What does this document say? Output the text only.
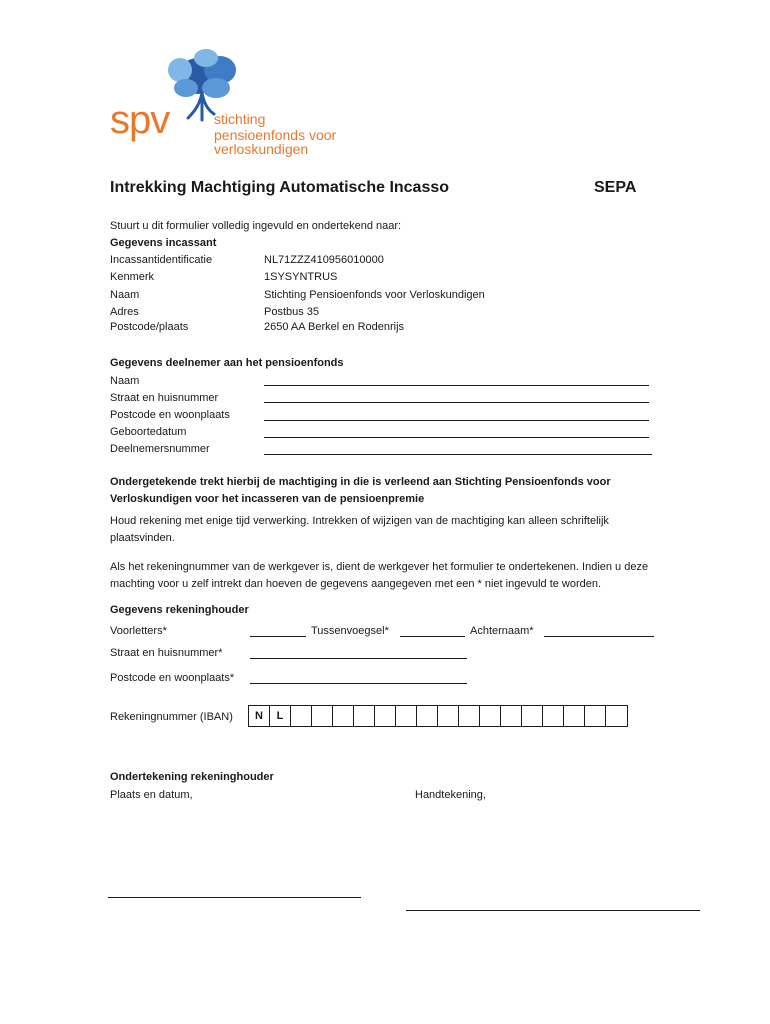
spv	stichting
pensioenfonds voor verloskundigen
Intrekking Machtiging Automatische Incasso	SEPA
Stuurt u dit formulier volledig ingevuld en ondertekend naar:
Gegevens incassant
Incassantidentificatie	NL71ZZZ410956010000
Kenmerk	1SYSYNTRUS
Naam	Stichting Pensioenfonds voor Verloskundigen
Adres	Postbus 35
Postcode/plaats	2650 AA Berkel en Rodenrijs
Gegevens deelnemer aan het pensioenfonds
Naam
Straat en huisnummer
Postcode en woonplaats
Geboortedatum
Deelnemersnummer
Ondergetekende trekt hierbij de machtiging in die is verleend aan Stichting Pensioenfonds voor Verloskundigen voor het incasseren van de pensioenpremie
Houd rekening met enige tijd verwerking. Intrekken of wijzigen van de machtiging kan alleen schriftelijk plaatsvinden.
Als het rekeningnummer van de werkgever is, dient de werkgever het formulier te ondertekenen. Indien u deze machting voor u zelf intrekt dan hoeven de gegevens aangegeven met een * niet ingevuld te worden.
Gegevens rekeninghouder
Voorletters*	Tussenvoegsel*	Achternaam*
Straat en huisnummer*
Postcode en woonplaats*
Rekeningnummer (IBAN)	N	L
Ondertekening rekeninghouder
Plaats en datum,	Handtekening,
